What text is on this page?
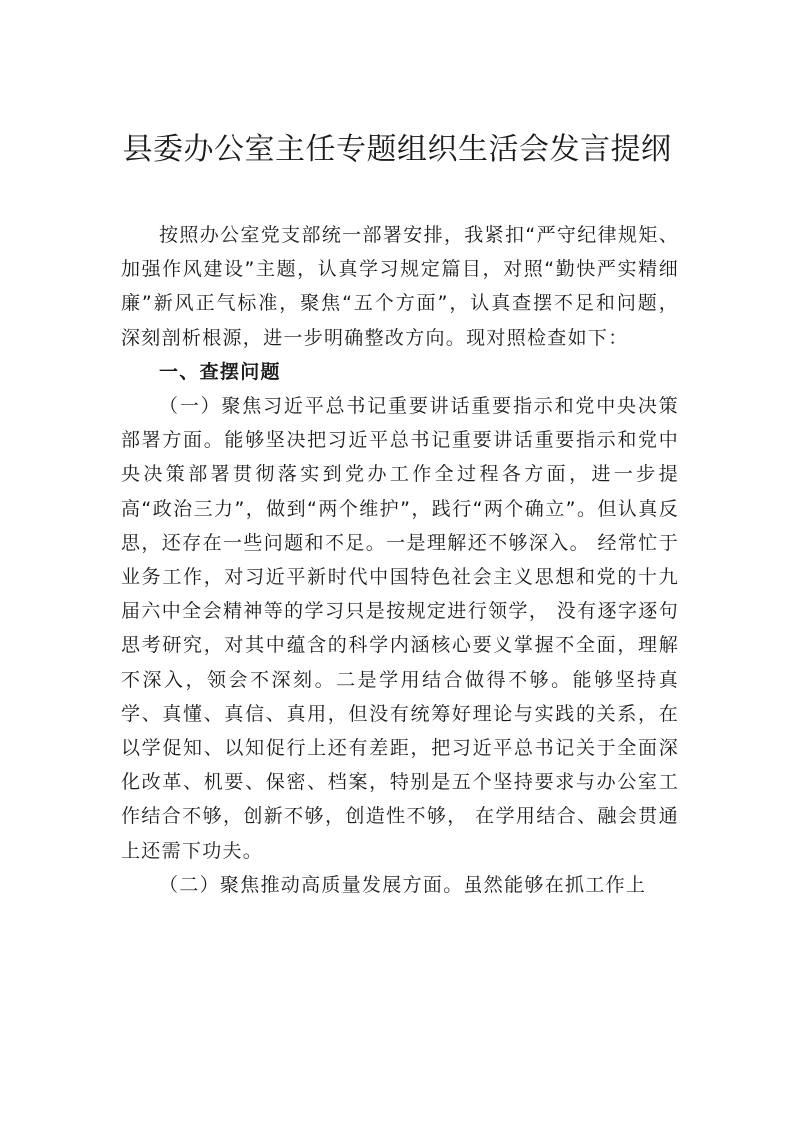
县委办公室主任专题组织生活会发言提纲

按照办公室党支部统一部署安排，我紧扣“严守纪律规矩、加强作风建设”主题，认真学习规定篇目，对照“勤快严实精细廉”新风正气标准，聚焦“五个方面”，认真查摆不足和问题，深刻剖析根源，进一步明确整改方向。现对照检查如下：

一、查摆问题

（一）聚焦习近平总书记重要讲话重要指示和党中央决策部署方面。能够坚决把习近平总书记重要讲话重要指示和党中央决策部署贯彻落实到党办工作全过程各方面，进一步提高“政治三力”，做到“两个维护”，践行“两个确立”。但认真反思，还存在一些问题和不足。一是理解还不够深入。 经常忙于业务工作，对习近平新时代中国特色社会主义思想和党的十九届六中全会精神等的学习只是按规定进行领学， 没有逐字逐句思考研究，对其中蕴含的科学内涵核心要义掌握不全面，理解不深入，领会不深刻。二是学用结合做得不够。能够坚持真学、真懂、真信、真用，但没有统筹好理论与实践的关系，在以学促知、以知促行上还有差距，把习近平总书记关于全面深化改革、机要、保密、档案，特别是五个坚持要求与办公室工作结合不够，创新不够，创造性不够， 在学用结合、融会贯通上还需下功夫。

（二）聚焦推动高质量发展方面。虽然能够在抓工作上
